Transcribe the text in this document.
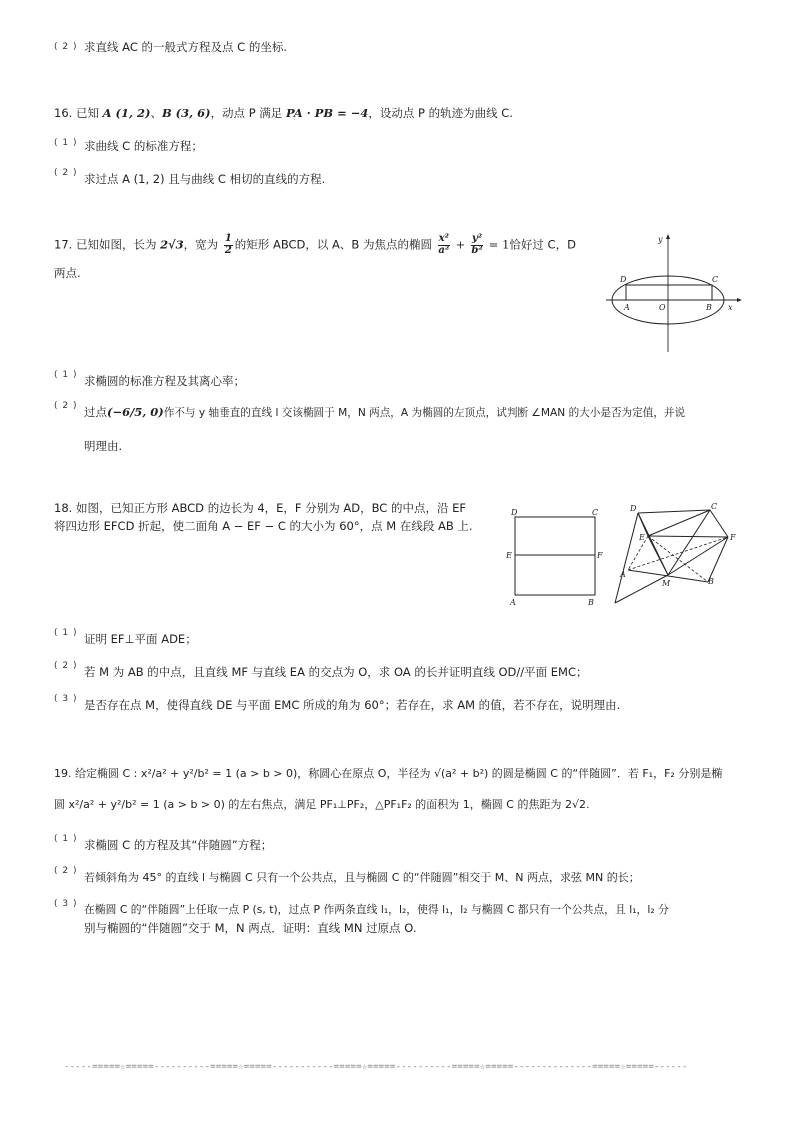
( 2 ) 求直线 AC 的一般式方程及点 C 的坐标.
16. 已知 A (1, 2)、B (3, 6)，动点 P 满足 PA · PB = −4，设动点 P 的轨迹为曲线 C.
( 1 ) 求曲线 C 的标准方程；
( 2 ) 求过点 A (1, 2) 且与曲线 C 相切的直线的方程.
17. 已知如图，长为 2√3，宽为 $\frac{1}{2}$ 的矩形 ABCD，以 A、B 为焦点的椭圆 $\frac{\text{x²}}{\text{a²}} + \frac{\text{y²}}{\text{b²}} = 1$恰好过 C，D
两点.
y
D	C
A	O	B x
( 1 ) 求椭圆的标准方程及其离心率；
( 2 ) 过点(−6/5, 0)作不与 y 轴垂直的直线 l 交该椭圆于 M，N 两点，A 为椭圆的左顶点，试判断 ∠MAN 的大小是否为定值，并说
明理由.
18. 如图，已知正方形 ABCD 的边长为 4，E，F 分别为 AD，BC 的中点，沿 EF
将四边形 EFCD 折起，使二面角 A − EF − C 的大小为 60°，点 M 在线段 AB 上.
D	C
E	F
A	B
D	C
E	F
A
M	B
( 1 ) 证明 EF⊥平面 ADE；
( 2 ) 若 M 为 AB 的中点，且直线 MF 与直线 EA 的交点为 O，求 OA 的长并证明直线 OD//平面 EMC；
( 3 ) 是否存在点 M，使得直线 DE 与平面 EMC 所成的角为 60°；若存在，求 AM 的值，若不存在，说明理由.
19. 给定椭圆 C : x²/a² + y²/b² = 1 (a > b > 0)，称圆心在原点 O，半径为 √(a² + b²) 的圆是椭圆 C 的“伴随圆”．若 F₁，F₂ 分别是椭
圆 x²/a² + y²/b² = 1 (a > b > 0) 的左右焦点，满足 PF₁⊥PF₂，△PF₁F₂ 的面积为 1，椭圆 C 的焦距为 2√2.
( 1 ) 求椭圆 C 的方程及其“伴随圆”方程；
( 2 ) 若倾斜角为 45° 的直线 l 与椭圆 C 只有一个公共点，且与椭圆 C 的“伴随圆”相交于 M、N 两点，求弦 MN 的长；
( 3 ) 在椭圆 C 的“伴随圆”上任取一点 P (s, t)，过点 P 作两条直线 l₁，l₂，使得 l₁，l₂ 与椭圆 C 都只有一个公共点，且 l₁，l₂ 分
别与椭圆的“伴随圆”交于 M，N 两点．证明：直线 MN 过原点 O.
-----=====☆=====----------=====☆=====-----------=====☆=====----------=====☆=====--------------=====☆=====------
